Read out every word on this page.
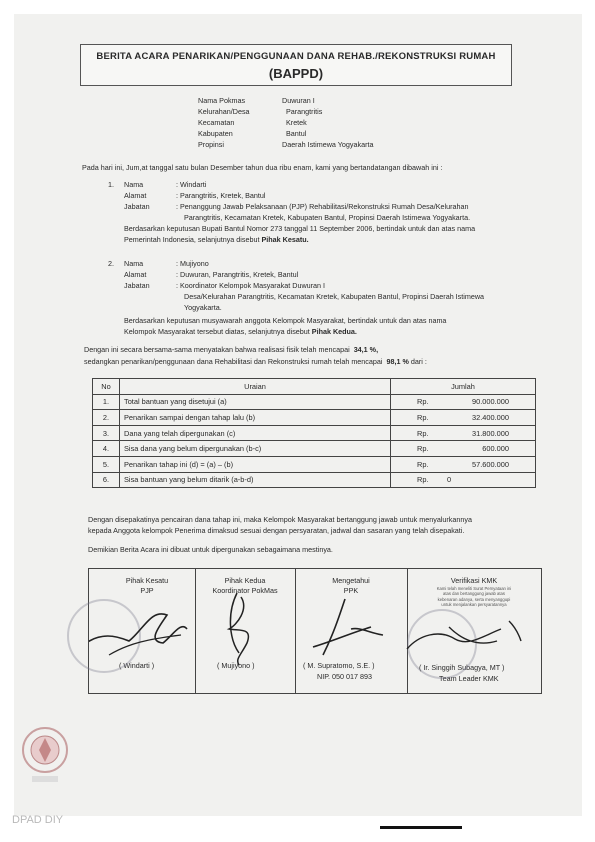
BERITA ACARA PENARIKAN/PENGGUNAAN DANA REHAB./REKONSTRUKSI RUMAH
(BAPPD)
Nama Pokmas	Duwuran I
Kelurahan/Desa	Parangtritis
Kecamatan	Kretek
Kabupaten	Bantul
Propinsi	Daerah Istimewa Yogyakarta
Pada hari ini, Jum,at tanggal satu bulan Desember tahun dua ribu enam, kami yang bertandatangan dibawah ini :
1. Nama	: Windarti
Alamat	: Parangtritis, Kretek, Bantul
Jabatan	: Penanggung Jawab Pelaksanaan (PJP) Rehabilitasi/Rekonstruksi Rumah Desa/Kelurahan
Parangtritis, Kecamatan Kretek, Kabupaten Bantul, Propinsi Daerah Istimewa Yogyakarta.
Berdasarkan keputusan Bupati Bantul Nomor 273 tanggal 11 September 2006, bertindak untuk dan atas nama
Pemerintah Indonesia, selanjutnya disebut Pihak Kesatu.
2. Nama	: Mujiyono
Alamat	: Duwuran, Parangtritis, Kretek, Bantul
Jabatan	: Koordinator Kelompok Masyarakat Duwuran I
Desa/Kelurahan Parangtritis, Kecamatan Kretek, Kabupaten Bantul, Propinsi Daerah Istimewa
Yogyakarta.
Berdasarkan keputusan musyawarah anggota Kelompok Masyarakat, bertindak untuk dan atas nama
Kelompok Masyarakat tersebut diatas, selanjutnya disebut Pihak Kedua.
Dengan ini secara bersama-sama menyatakan bahwa realisasi fisik telah mencapai 34,1 %,
sedangkan penarikan/penggunaan dana Rehabilitasi dan Rekonstruksi rumah telah mencapai 98,1 % dari :
No	Uraian	Jumlah	
1.	Total bantuan yang disetujui (a)	Rp.	90.000.000
2.	Penarikan sampai dengan tahap lalu (b)	Rp.	32.400.000
3.	Dana yang telah dipergunakan (c)	Rp.	31.800.000
4.	Sisa dana yang belum dipergunakan (b-c)	Rp.	600.000
5.	Penarikan tahap ini (d) = (a) – (b)	Rp.	57.600.000
6.	Sisa bantuan yang belum ditarik (a-b-d)	Rp.	0
Dengan disepakatinya pencairan dana tahap ini, maka Kelompok Masyarakat bertanggung jawab untuk menyalurkannya
kepada Anggota kelompok Penerima dimaksud sesuai dengan persyaratan, jadwal dan sasaran yang telah disepakati.
Demikian Berita Acara ini dibuat untuk dipergunakan sebagaimana mestinya.
Pihak Kesatu
PJP
( Windarti )
Pihak Kedua
Koordinator PokMas
( Mujiyono )
Mengetahui
PPK
( M. Supratomo, S.E. )
NIP. 050 017 893
Verifikasi KMK
Kami telah meneliti Surat Pernyataan ini
atas dan bertanggung jawab atas
kebenaran adanya, serta menyanggupi
untuk menjalankan persyaratannya
( Ir. Singgih Subagya, MT )
Team Leader KMK
DPAD DIY
